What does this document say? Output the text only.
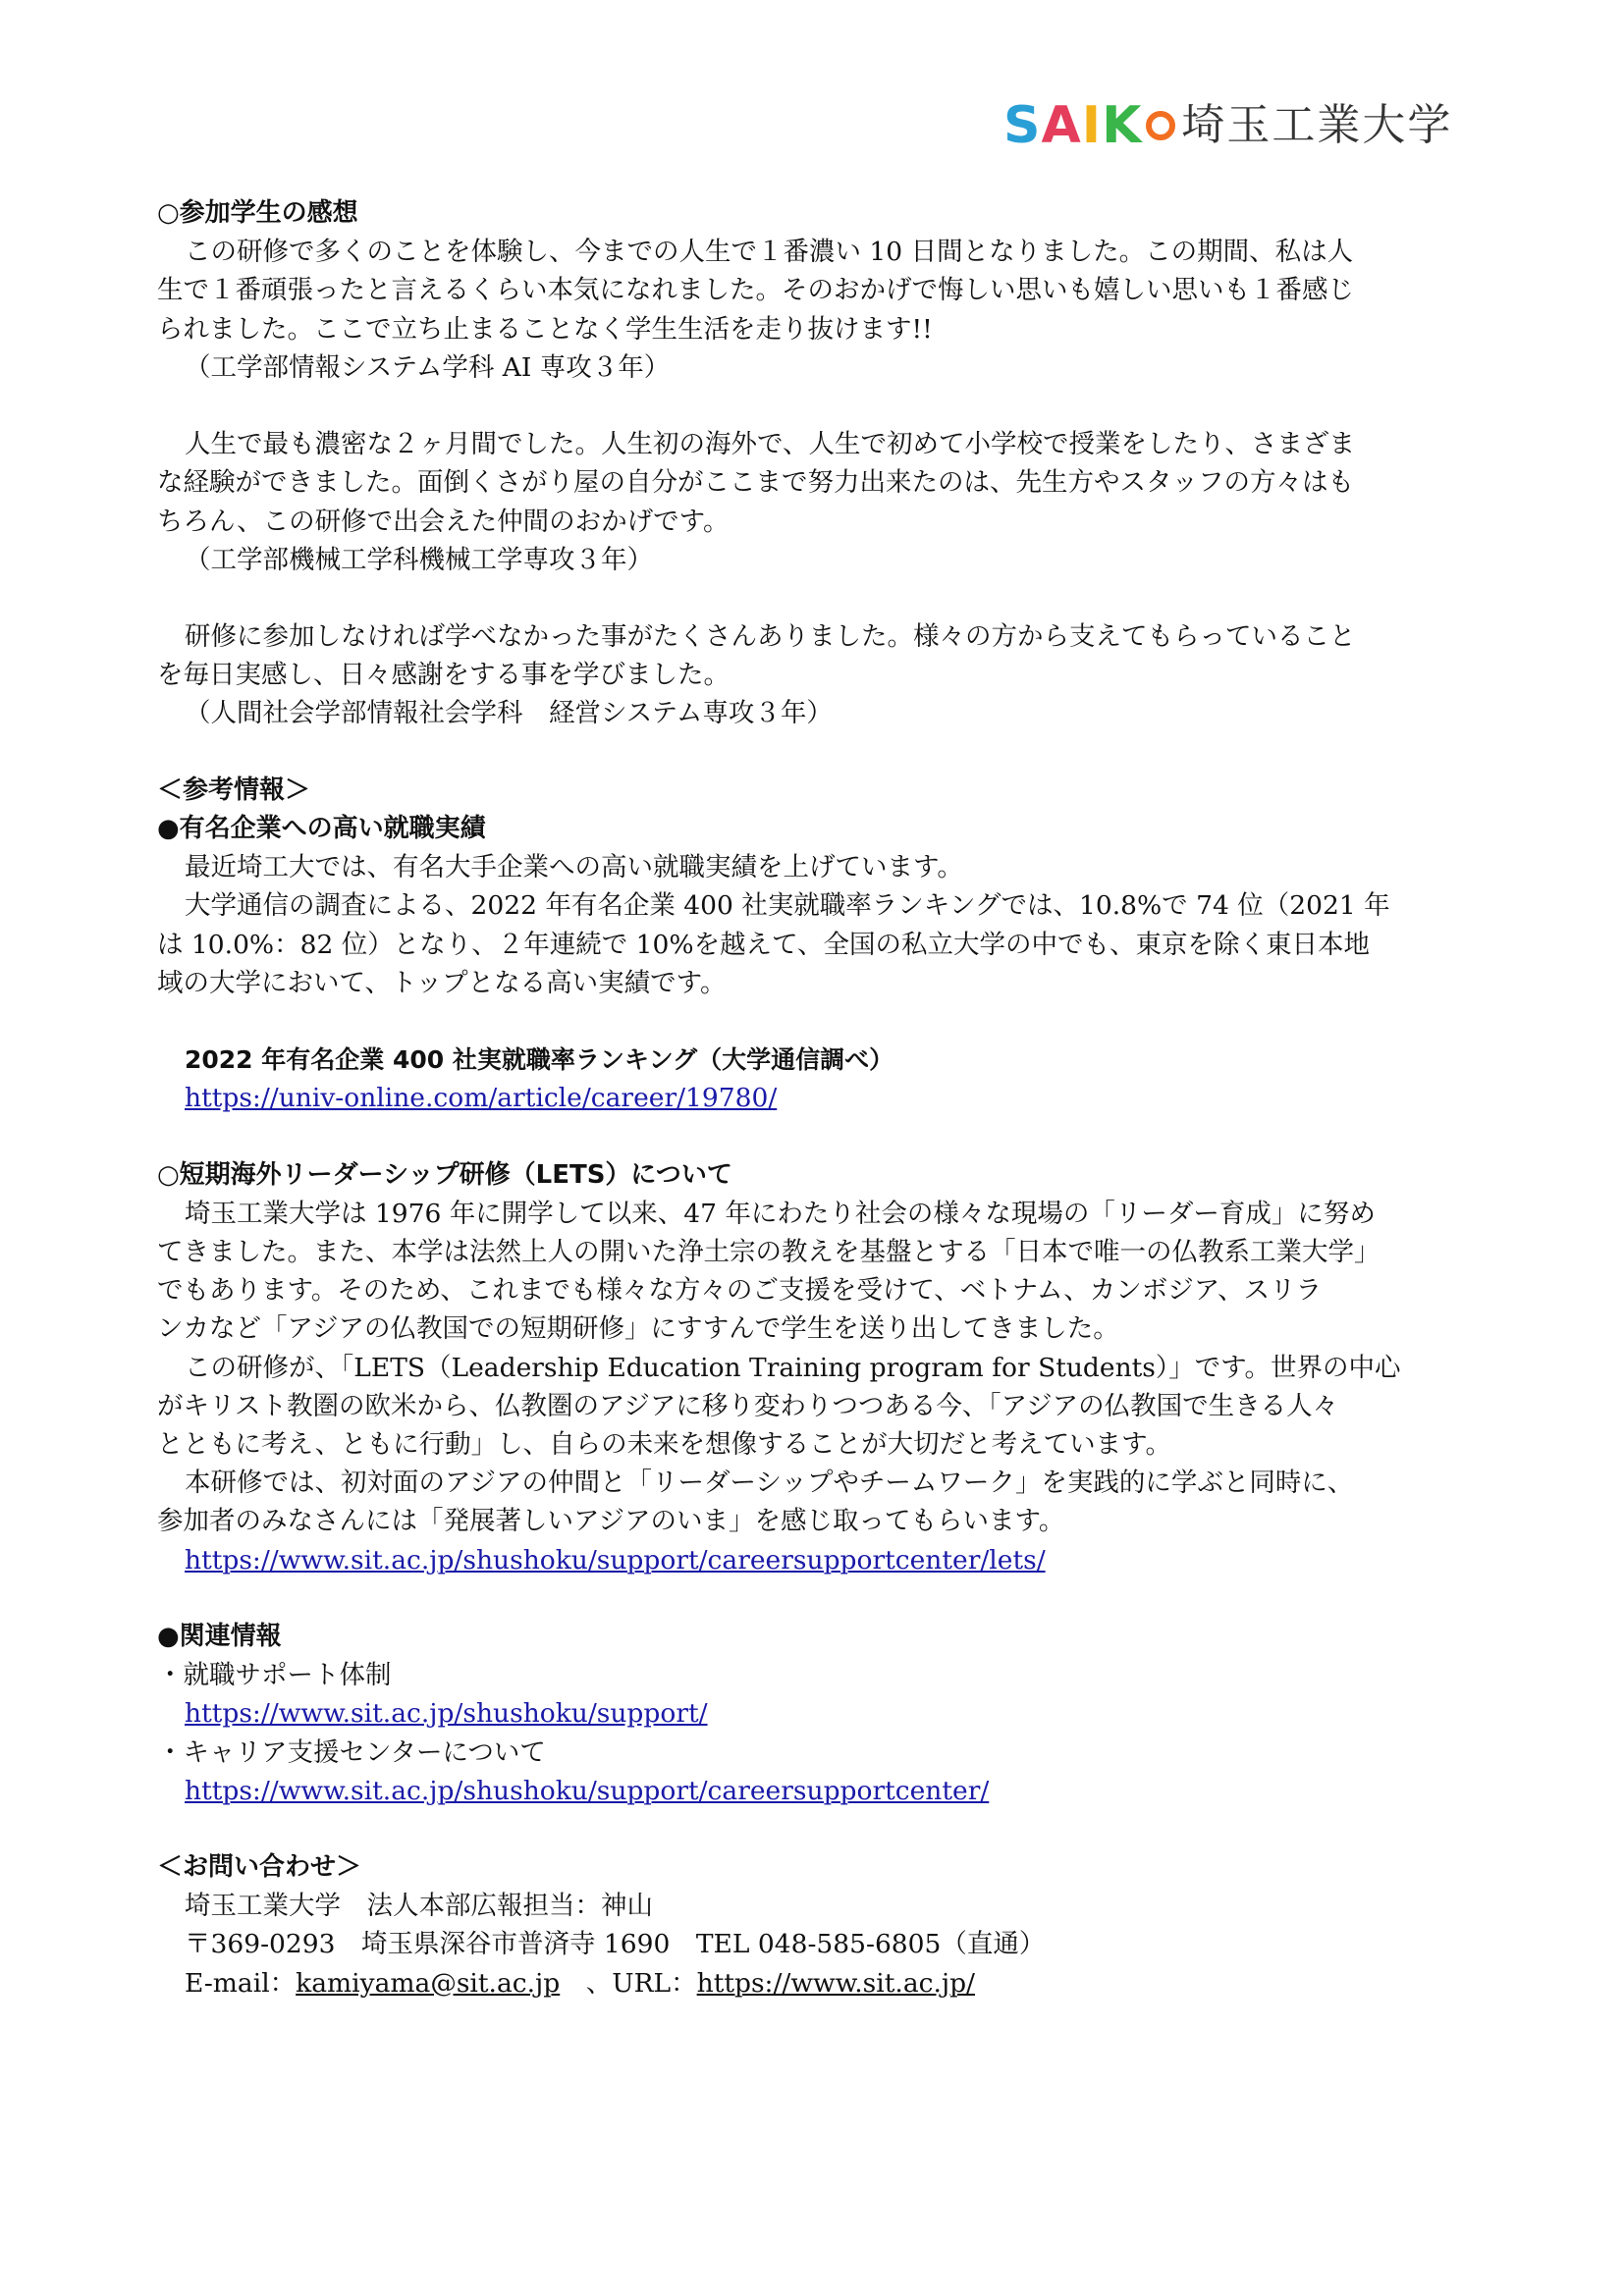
S A I K 埼玉工業大学
○参加学生の感想
この研修で多くのことを体験し、今までの人生で１番濃い 10 日間となりました。この期間、私は人
生で１番頑張ったと言えるくらい本気になれました。そのおかげで悔しい思いも嬉しい思いも１番感じ
られました。ここで立ち止まることなく学生生活を走り抜けます!!
（工学部情報システム学科 AI 専攻３年）
人生で最も濃密な２ヶ月間でした。人生初の海外で、人生で初めて小学校で授業をしたり、さまざま
な経験ができました。面倒くさがり屋の自分がここまで努力出来たのは、先生方やスタッフの方々はも
ちろん、この研修で出会えた仲間のおかげです。
（工学部機械工学科機械工学専攻３年）
研修に参加しなければ学べなかった事がたくさんありました。様々の方から支えてもらっていること
を毎日実感し、日々感謝をする事を学びました。
（人間社会学部情報社会学科　経営システム専攻３年）
＜参考情報＞
●有名企業への高い就職実績
最近埼工大では、有名大手企業への高い就職実績を上げています。
大学通信の調査による、2022 年有名企業 400 社実就職率ランキングでは、10.8%で 74 位（2021 年
は 10.0%：82 位）となり、２年連続で 10%を越えて、全国の私立大学の中でも、東京を除く東日本地
域の大学において、トップとなる高い実績です。
2022 年有名企業 400 社実就職率ランキング（大学通信調べ）
https://univ-online.com/article/career/19780/
○短期海外リーダーシップ研修（LETS）について
埼玉工業大学は 1976 年に開学して以来、47 年にわたり社会の様々な現場の「リーダー育成」に努め
てきました。また、本学は法然上人の開いた浄土宗の教えを基盤とする「日本で唯一の仏教系工業大学」
でもあります。そのため、これまでも様々な方々のご支援を受けて、ベトナム、カンボジア、スリラ
ンカなど「アジアの仏教国での短期研修」にすすんで学生を送り出してきました。
この研修が、「LETS（Leadership Education Training program for Students）」です。世界の中心
がキリスト教圏の欧米から、仏教圏のアジアに移り変わりつつある今、「アジアの仏教国で生きる人々
とともに考え、ともに行動」し、自らの未来を想像することが大切だと考えています。
本研修では、初対面のアジアの仲間と「リーダーシップやチームワーク」を実践的に学ぶと同時に、
参加者のみなさんには「発展著しいアジアのいま」を感じ取ってもらいます。
https://www.sit.ac.jp/shushoku/support/careersupportcenter/lets/
●関連情報
・就職サポート体制
https://www.sit.ac.jp/shushoku/support/
・キャリア支援センターについて
https://www.sit.ac.jp/shushoku/support/careersupportcenter/
＜お問い合わせ＞
埼玉工業大学　法人本部広報担当：神山
〒369-0293　埼玉県深谷市普済寺 1690　TEL 048-585-6805（直通）
E-mail：kamiyama@sit.ac.jp　、URL：https://www.sit.ac.jp/
